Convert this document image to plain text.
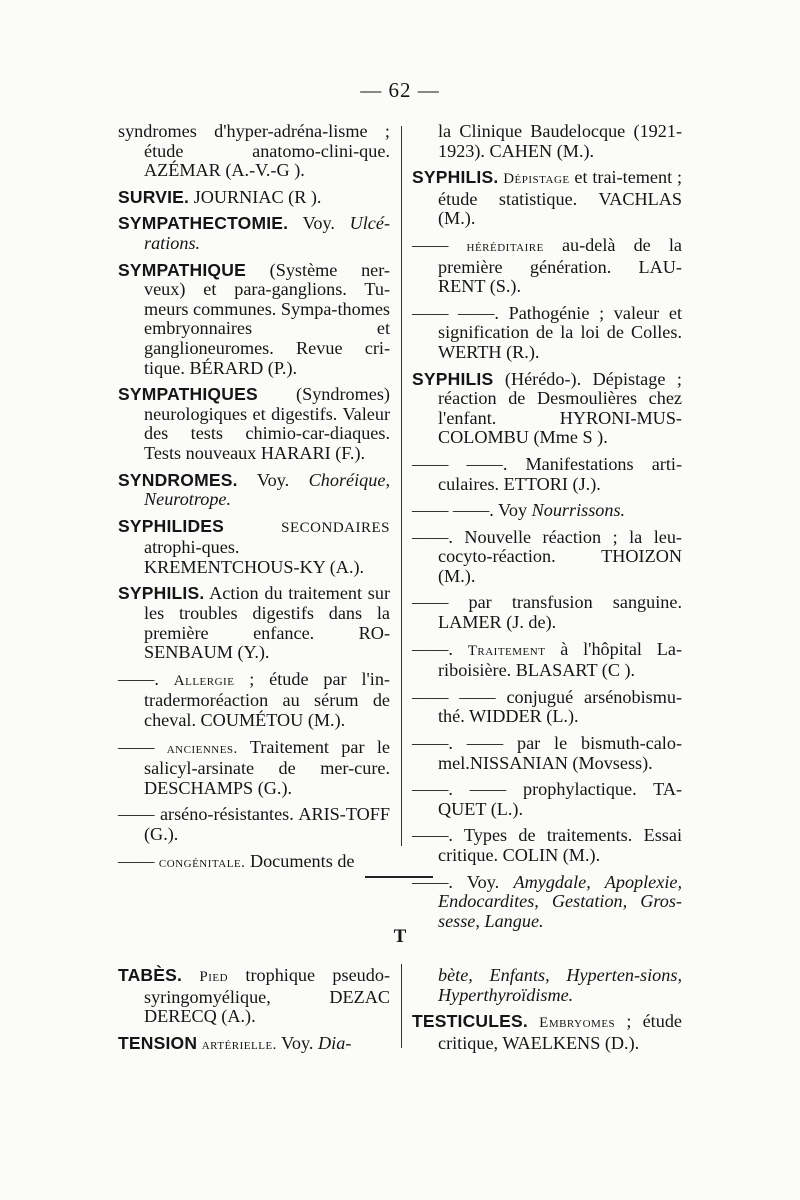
— 62 —
syndromes d'hyper-adréna-lisme ; étude anatomo-clini-que. AZÉMAR (A.-V.-G ).
SURVIE. JOURNIAC (R ).
SYMPATHECTOMIE. Voy. Ulcé-rations.
SYMPATHIQUE (Système ner-veux) et para-ganglions. Tu-meurs communes. Sympa-thomes embryonnaires et ganglioneuromes. Revue cri-tique. BÉRARD (P.).
SYMPATHIQUES (Syndromes) neurologiques et digestifs. Valeur des tests chimio-car-diaques. Tests nouveaux HARARI (F.).
SYNDROMES. Voy. Choréique, Neurotrope.
SYPHILIDES	SECONDAIRES atrophi-ques. KREMENTCHOUS-KY (A.).
SYPHILIS. Action du traitement sur les troubles digestifs dans la première enfance. RO-SENBAUM (Y.).
——. Allergie ; étude par l'in-tradermoréaction au sérum de cheval. COUMÉTOU (M.).
—— anciennes. Traitement par le salicyl-arsinate de mer-cure. DESCHAMPS (G.).
—— arséno-résistantes. ARIS-TOFF (G.).
—— congénitale. Documents de
la Clinique Baudelocque (1921-1923). CAHEN (M.).
SYPHILIS. Dépistage et trai-tement ; étude statistique. VACHLAS (M.).
—— héréditaire au-delà de la première génération. LAU-RENT (S.).
—— ——. Pathogénie ; valeur et signification de la loi de Colles. WERTH (R.).
SYPHILIS (Hérédo-). Dépistage ; réaction de Desmoulières chez l'enfant. HYRONI-MUS-COLOMBU (Mme S ).
—— ——. Manifestations arti-culaires. ETTORI (J.).
—— ——. Voy Nourrissons.
——. Nouvelle réaction ; la leu-cocyto-réaction. THOIZON (M.).
—— par transfusion sanguine. LAMER (J. de).
——. Traitement à l'hôpital La-riboisière. BLASART (C ).
—— —— conjugué arsénobismu-thé. WIDDER (L.).
——. —— par le bismuth-calo-mel.NISSANIAN (Movsess).
——. —— prophylactique. TA-QUET (L.).
——. Types de traitements. Essai critique. COLIN (M.).
——. Voy. Amygdale, Apoplexie, Endocardites, Gestation, Gros-sesse, Langue.
T
TABÈS. Pied trophique pseudo-syringomyélique, DEZAC DERECQ (A.).
TENSION artérielle. Voy. Dia-
bète, Enfants, Hyperten-sions, Hyperthyroïdisme.
TESTICULES. Embryomes ; étude critique, WAELKENS (D.).
